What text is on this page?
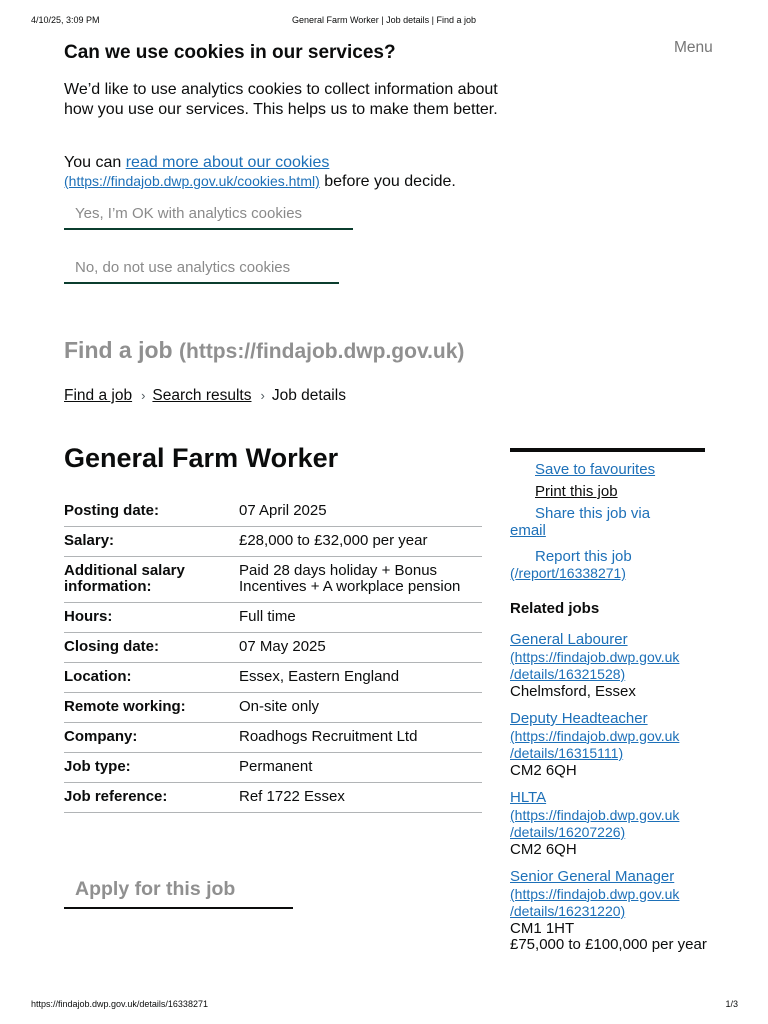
4/10/25, 3:09 PM	General Farm Worker | Job details | Find a job
Can we use cookies in our services?	Menu

We’d like to use analytics cookies to collect information about how you use our services. This helps us to make them better.

You can read more about our cookies
(https://findajob.dwp.gov.uk/cookies.html) before you decide.

Yes, I’m OK with analytics cookies
No, do not use analytics cookies
Find a job (https://findajob.dwp.gov.uk)
Find a job › Search results › Job details
General Farm Worker
Posting date:	07 April 2025
Salary:	£28,000 to £32,000 per year
Additional salary information:	Paid 28 days holiday + Bonus Incentives + A workplace pension
Hours:	Full time
Closing date:	07 May 2025
Location:	Essex, Eastern England
Remote working:	On-site only
Company:	Roadhogs Recruitment Ltd
Job type:	Permanent
Job reference:	Ref 1722 Essex
Apply for this job
Save to favourites
Print this job
Share this job via
email
Report this job
(/report/16338271)
Related jobs
General Labourer
(https://findajob.dwp.gov.uk
/details/16321528)
Chelmsford, Essex
Deputy Headteacher
(https://findajob.dwp.gov.uk
/details/16315111)
CM2 6QH
HLTA
(https://findajob.dwp.gov.uk
/details/16207226)
CM2 6QH
Senior General Manager
(https://findajob.dwp.gov.uk
/details/16231220)
CM1 1HT
£75,000 to £100,000 per year
https://findajob.dwp.gov.uk/details/16338271	1/3
